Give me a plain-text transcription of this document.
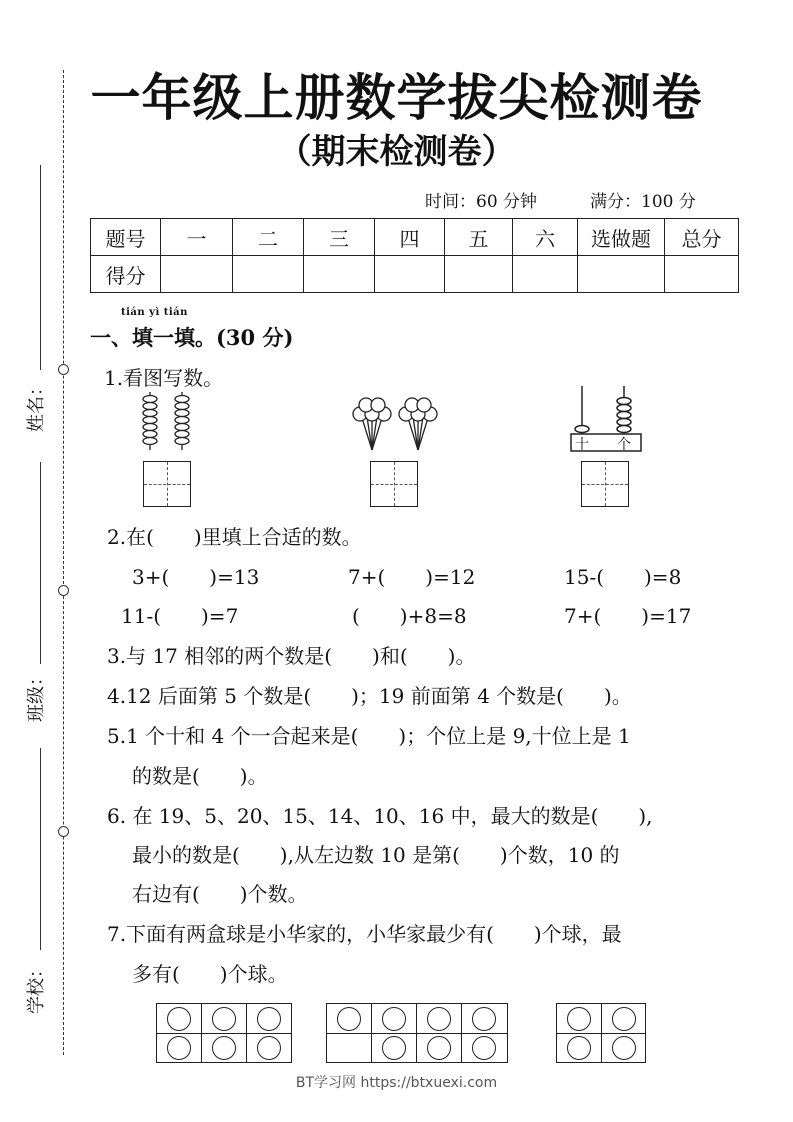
姓名：
班级：
学校：
一年级上册数学拔尖检测卷
（期末检测卷）
时间：60 分钟	满分：100 分
题号	一	二	三	四	五	六	选做题	总分
得分								
tián yì tián
一、填一填。(30 分)
1.看图写数。
十 个
2.在(　　)里填上合适的数。
3+(　　)=13	7+(　　)=12	15-(　　)=8
11-(　　)=7	(　　)+8=8	7+(　　)=17
3.与 17 相邻的两个数是(　　)和(　　)。
4.12 后面第 5 个数是(　　)；19 前面第 4 个数是(　　)。
5.1 个十和 4 个一合起来是(　　)；个位上是 9,十位上是 1
的数是(　　)。
6. 在 19、5、20、15、14、10、16 中，最大的数是(　　),
最小的数是(　　),从左边数 10 是第(　　)个数，10 的
右边有(　　)个数。
7.下面有两盒球是小华家的，小华家最少有(　　)个球，最
多有(　　)个球。
BT学习网 https://btxuexi.com
